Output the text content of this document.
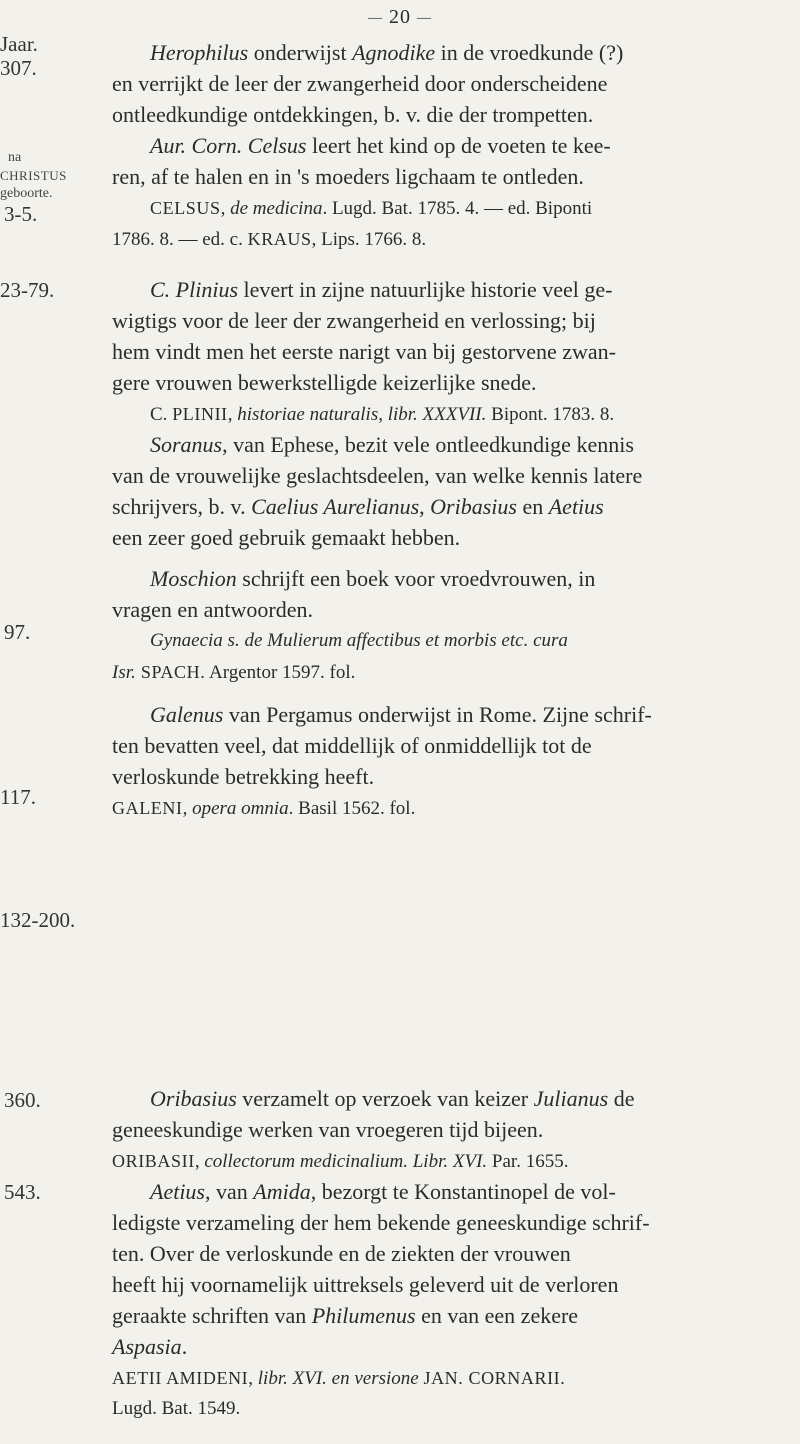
— 20 —
Jaar.
307.
na
CHRISTUS
geboorte.
3-5.
23-79.
97.
117.
132-200.
360.
543.
Herophilus onderwijst Agnodike in de vroedkunde (?)
en verrijkt de leer der zwangerheid door onderscheidene
ontleedkundige ontdekkingen, b. v. die der trompetten.
Aur. Corn. Celsus leert het kind op de voeten te kee-
ren, af te halen en in 's moeders ligchaam te ontleden.
CELSUS, de medicina. Lugd. Bat. 1785. 4. — ed. Biponti
1786. 8. — ed. c. KRAUS, Lips. 1766. 8.
C. Plinius levert in zijne natuurlijke historie veel ge-
wigtigs voor de leer der zwangerheid en verlossing; bij
hem vindt men het eerste narigt van bij gestorvene zwan-
gere vrouwen bewerkstelligde keizerlijke snede.
C. PLINII, historiae naturalis, libr. XXXVII. Bipont. 1783. 8.
Soranus, van Ephese, bezit vele ontleedkundige kennis
van de vrouwelijke geslachtsdeelen, van welke kennis latere
schrijvers, b. v. Caelius Aurelianus, Oribasius en Aetius
een zeer goed gebruik gemaakt hebben.
Moschion schrijft een boek voor vroedvrouwen, in
vragen en antwoorden.
Gynaecia s. de Mulierum affectibus et morbis etc. cura
Isr. SPACH. Argentor 1597. fol.
Galenus van Pergamus onderwijst in Rome. Zijne schrif-
ten bevatten veel, dat middellijk of onmiddellijk tot de
verloskunde betrekking heeft.
GALENI, opera omnia. Basil 1562. fol.
Oribasius verzamelt op verzoek van keizer Julianus de
geneeskundige werken van vroegeren tijd bijeen.
ORIBASII, collectorum medicinalium. Libr. XVI. Par. 1655.
Aetius, van Amida, bezorgt te Konstantinopel de vol-
ledigste verzameling der hem bekende geneeskundige schrif-
ten. Over de verloskunde en de ziekten der vrouwen
heeft hij voornamelijk uittreksels geleverd uit de verloren
geraakte schriften van Philumenus en van een zekere
Aspasia.
AETII AMIDENI, libr. XVI. en versione JAN. CORNARII.
Lugd. Bat. 1549.
